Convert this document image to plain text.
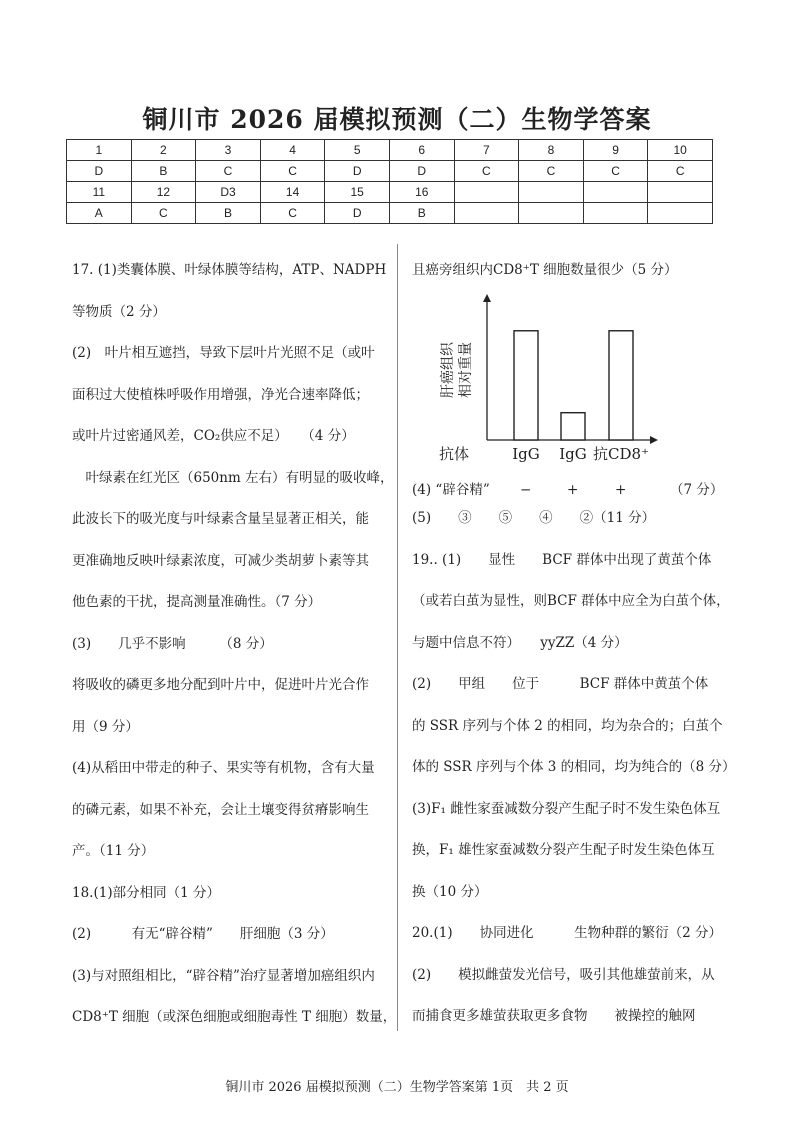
铜川市 2026 届模拟预测（二）生物学答案
1	2	3	4	5	6	7	8	9	10
D	B	C	C	D	D	C	C	C	C
11	12	D3	14	15	16				
A	C	B	C	D	B				

17. (1)类囊体膜、叶绿体膜等结构，ATP、NADPH

等物质（2 分）

(2)　叶片相互遮挡，导致下层叶片光照不足（或叶

面积过大使植株呼吸作用增强，净光合速率降低；

或叶片过密通风差，CO₂供应不足）　　（4 分）

　叶绿素在红光区（650nm 左右）有明显的吸收峰，

此波长下的吸光度与叶绿素含量呈显著正相关，能

更准确地反映叶绿素浓度，可减少类胡萝卜素等其

他色素的干扰，提高测量准确性。（7 分）

(3)　　几乎不影响　　　（8 分）

将吸收的磷更多地分配到叶片中，促进叶片光合作

用（9 分）

(4)从稻田中带走的种子、果实等有机物，含有大量

的磷元素，如果不补充，会让土壤变得贫瘠影响生

产。（11 分）

18.(1)部分相同（1 分）

(2)　　　有无“辟谷精”　　肝细胞（3 分）

(3)与对照组相比，“辟谷精”治疗显著增加癌组织内

CD8⁺T 细胞（或深色细胞或细胞毒性 T 细胞）数量，

且癌旁组织内CD8⁺T 细胞数量很少（5 分）

肝癌组织 相对重量
抗体	IgG IgG 抗CD8⁺
(4) “辟谷精” −	+	+	（7 分）

(5)　　③　　⑤　　④　　②（11 分）

19.. (1)　　显性　　BCF 群体中出现了黄茧个体

（或若白茧为显性，则BCF 群体中应全为白茧个体，

与题中信息不符）　　yyZZ（4 分）

(2)　　甲组　　位于　　　BCF 群体中黄茧个体

的 SSR 序列与个体 2 的相同，均为杂合的；白茧个

体的 SSR 序列与个体 3 的相同，均为纯合的（8 分）

(3)F₁ 雌性家蚕减数分裂产生配子时不发生染色体互

换，F₁ 雄性家蚕减数分裂产生配子时发生染色体互

换（10 分）

20.(1)　　协同进化　　　生物种群的繁衍（2 分）

(2)　　模拟雌萤发光信号，吸引其他雄萤前来，从

而捕食更多雄萤获取更多食物　　被操控的触网

铜川市 2026 届模拟预测（二）生物学答案第 1页　共 2 页
